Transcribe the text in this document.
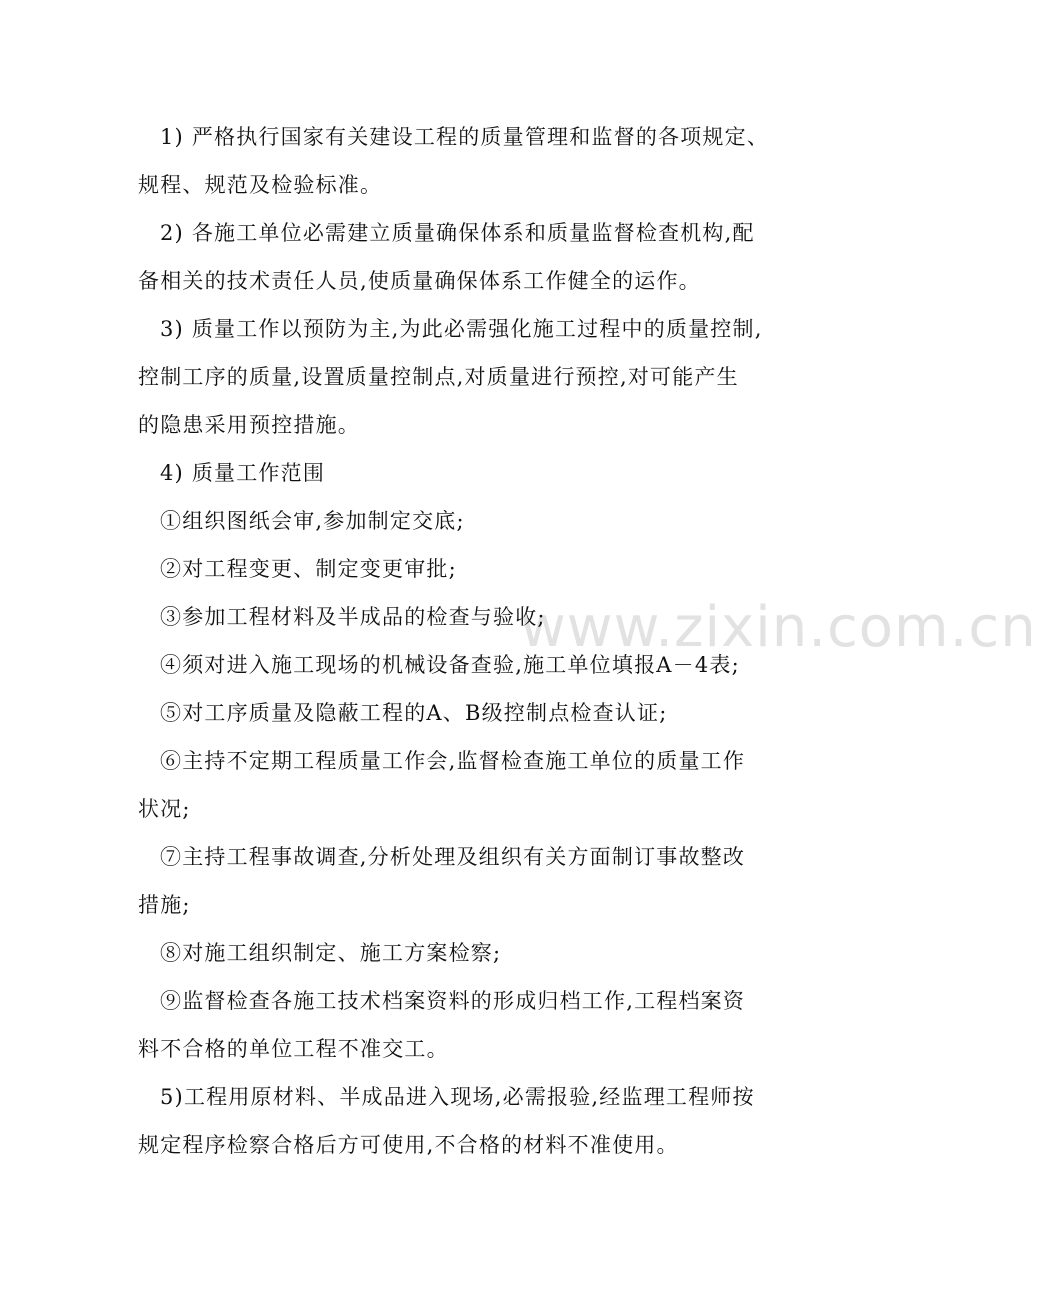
www.zixin.com.cn
1) 严格执行国家有关建设工程的质量管理和监督的各项规定、
规程、规范及检验标准。
2) 各施工单位必需建立质量确保体系和质量监督检查机构,配
备相关的技术责任人员,使质量确保体系工作健全的运作。
3) 质量工作以预防为主,为此必需强化施工过程中的质量控制,
控制工序的质量,设置质量控制点,对质量进行预控,对可能产生
的隐患采用预控措施。
4) 质量工作范围
①组织图纸会审,参加制定交底;
②对工程变更、制定变更审批;
③参加工程材料及半成品的检查与验收;
④须对进入施工现场的机械设备查验,施工单位填报A－4表;
⑤对工序质量及隐蔽工程的A、B级控制点检查认证;
⑥主持不定期工程质量工作会,监督检查施工单位的质量工作
状况;
⑦主持工程事故调查,分析处理及组织有关方面制订事故整改
措施;
⑧对施工组织制定、施工方案检察;
⑨监督检查各施工技术档案资料的形成归档工作,工程档案资
料不合格的单位工程不准交工。
5)工程用原材料、半成品进入现场,必需报验,经监理工程师按
规定程序检察合格后方可使用,不合格的材料不准使用。
